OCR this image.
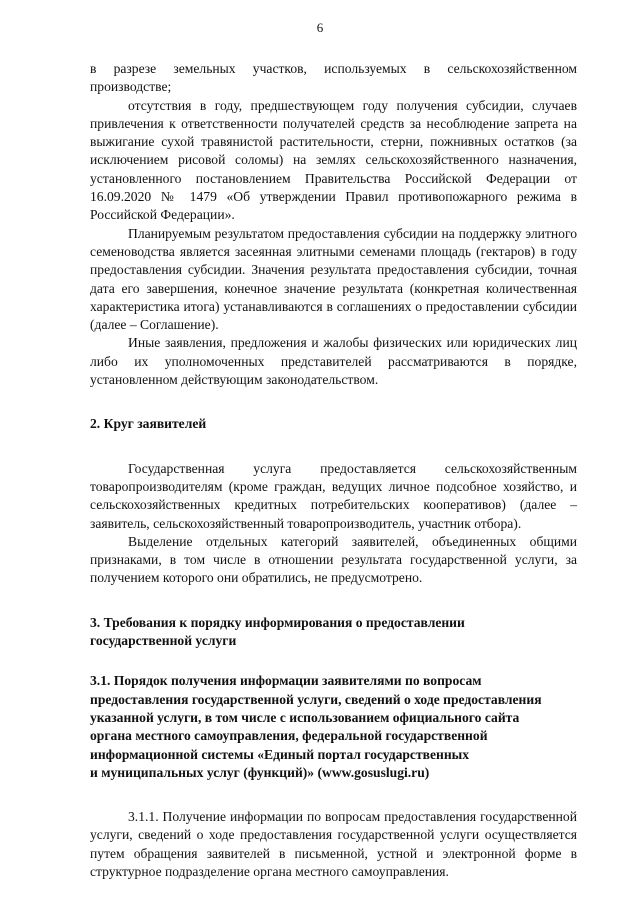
6

в разрезе земельных участков, используемых в сельскохозяйственном производстве;

отсутствия в году, предшествующем году получения субсидии, случаев привлечения к ответственности получателей средств за несоблюдение запрета на выжигание сухой травянистой растительности, стерни, пожнивных остатков (за исключением рисовой соломы) на землях сельскохозяйственного назначения, установленного постановлением Правительства Российской Федерации от 16.09.2020 № 1479 «Об утверждении Правил противопожарного режима в Российской Федерации».

Планируемым результатом предоставления субсидии на поддержку элитного семеноводства является засеянная элитными семенами площадь (гектаров) в году предоставления субсидии. Значения результата предоставления субсидии, точная дата его завершения, конечное значение результата (конкретная количественная характеристика итога) устанавливаются в соглашениях о предоставлении субсидии (далее – Соглашение).

Иные заявления, предложения и жалобы физических или юридических лиц либо их уполномоченных представителей рассматриваются в порядке, установленном действующим законодательством.

2. Круг заявителей

Государственная услуга предоставляется сельскохозяйственным товаропроизводителям (кроме граждан, ведущих личное подсобное хозяйство, и сельскохозяйственных кредитных потребительских кооперативов) (далее – заявитель, сельскохозяйственный товаропроизводитель, участник отбора).

Выделение отдельных категорий заявителей, объединенных общими признаками, в том числе в отношении результата государственной услуги, за получением которого они обратились, не предусмотрено.

3. Требования к порядку информирования о предоставлении

государственной услуги

3.1. Порядок получения информации заявителями по вопросам

предоставления государственной услуги, сведений о ходе предоставления

указанной услуги, в том числе с использованием официального сайта

органа местного самоуправления, федеральной государственной

информационной системы «Единый портал государственных

и муниципальных услуг (функций)» (www.gosuslugi.ru)

3.1.1. Получение информации по вопросам предоставления государственной услуги, сведений о ходе предоставления государственной услуги осуществляется путем обращения заявителей в письменной, устной и электронной форме в структурное подразделение органа местного самоуправления.
